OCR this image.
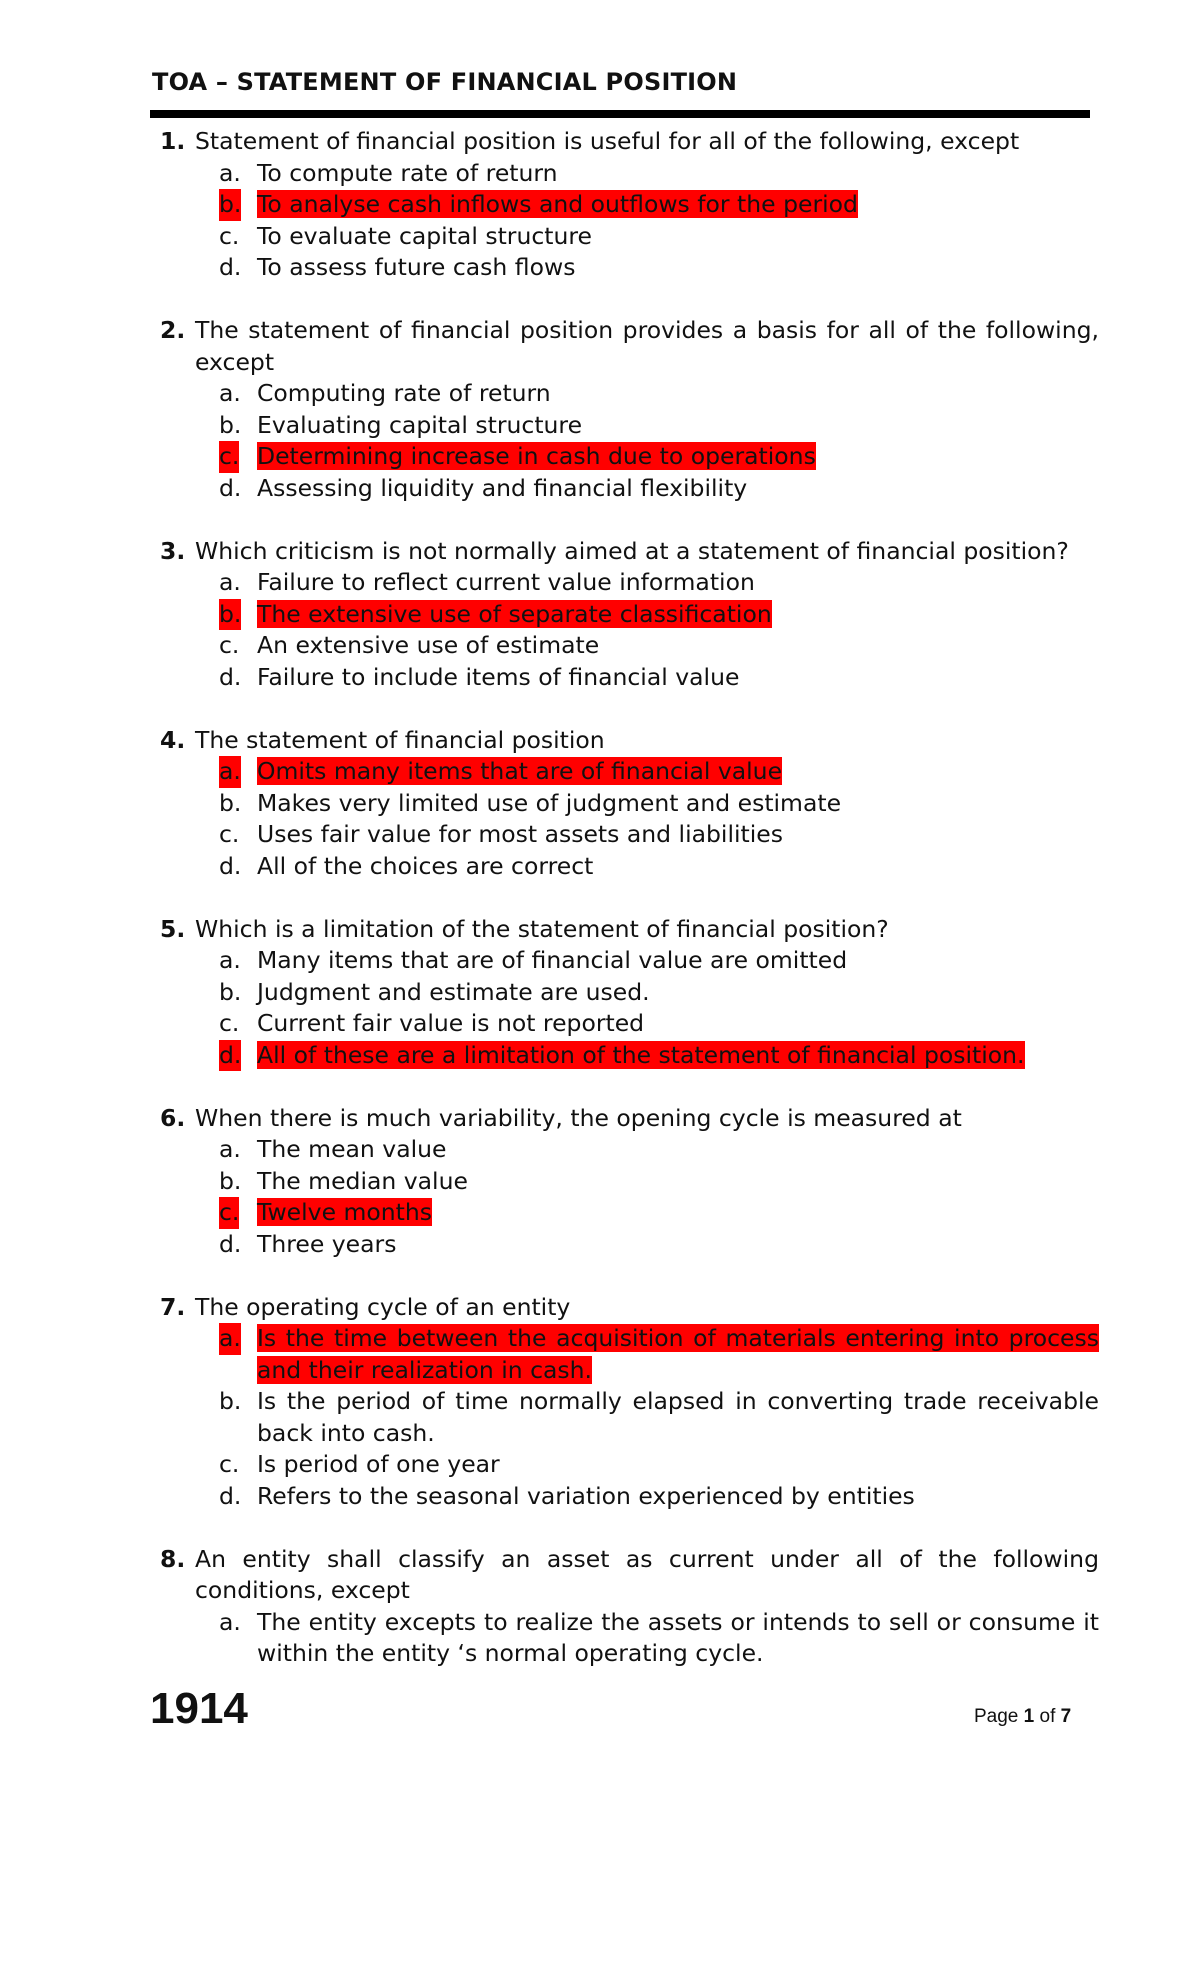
TOA – STATEMENT OF FINANCIAL POSITION
1. Statement of financial position is useful for all of the following, except
a. To compute rate of return
b. To analyse cash inflows and outflows for the period
c. To evaluate capital structure
d. To assess future cash flows
2. The statement of financial position provides a basis for all of the following, except
a. Computing rate of return
b. Evaluating capital structure
c. Determining increase in cash due to operations
d. Assessing liquidity and financial flexibility
3. Which criticism is not normally aimed at a statement of financial position?
a. Failure to reflect current value information
b. The extensive use of separate classification
c. An extensive use of estimate
d. Failure to include items of financial value
4. The statement of financial position
a. Omits many items that are of financial value
b. Makes very limited use of judgment and estimate
c. Uses fair value for most assets and liabilities
d. All of the choices are correct
5. Which is a limitation of the statement of financial position?
a. Many items that are of financial value are omitted
b. Judgment and estimate are used.
c. Current fair value is not reported
d. All of these are a limitation of the statement of financial position.
6. When there is much variability, the opening cycle is measured at
a. The mean value
b. The median value
c. Twelve months
d. Three years
7. The operating cycle of an entity
a. Is the time between the acquisition of materials entering into process and their realization in cash.
b. Is the period of time normally elapsed in converting trade receivable back into cash.
c. Is period of one year
d. Refers to the seasonal variation experienced by entities
8. An entity shall classify an asset as current under all of the following conditions, except
a. The entity excepts to realize the assets or intends to sell or consume it within the entity ‘s normal operating cycle.
1914	Page 1 of 7
